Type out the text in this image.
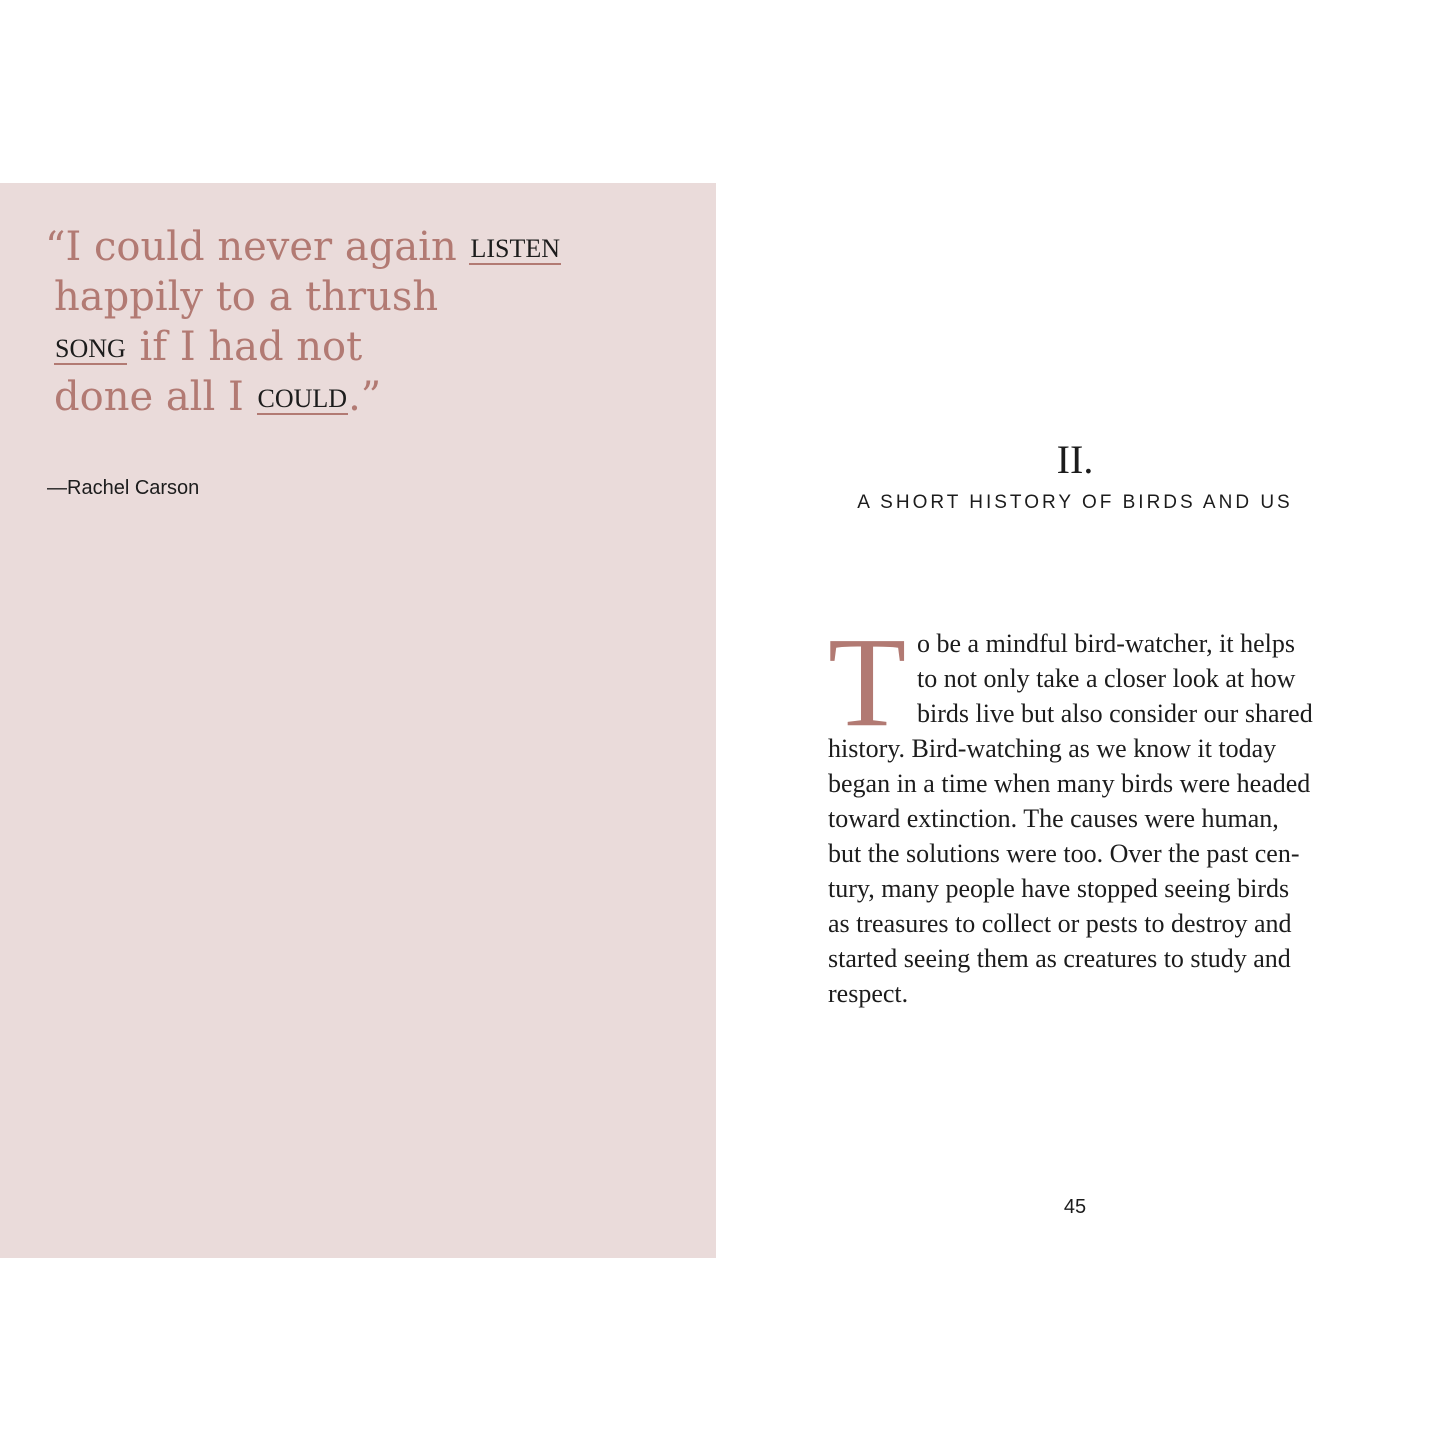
“I could never again LISTEN
happily to a thrush
SONG if I had not
done all I COULD.”
—Rachel Carson
II.
A SHORT HISTORY OF BIRDS AND US
T o be a mindful bird-watcher, it helps
to not only take a closer look at how
birds live but also consider our shared
history. Bird-watching as we know it today
began in a time when many birds were headed
toward extinction. The causes were human,
but the solutions were too. Over the past cen-
tury, many people have stopped seeing birds
as treasures to collect or pests to destroy and
started seeing them as creatures to study and
respect.
45
